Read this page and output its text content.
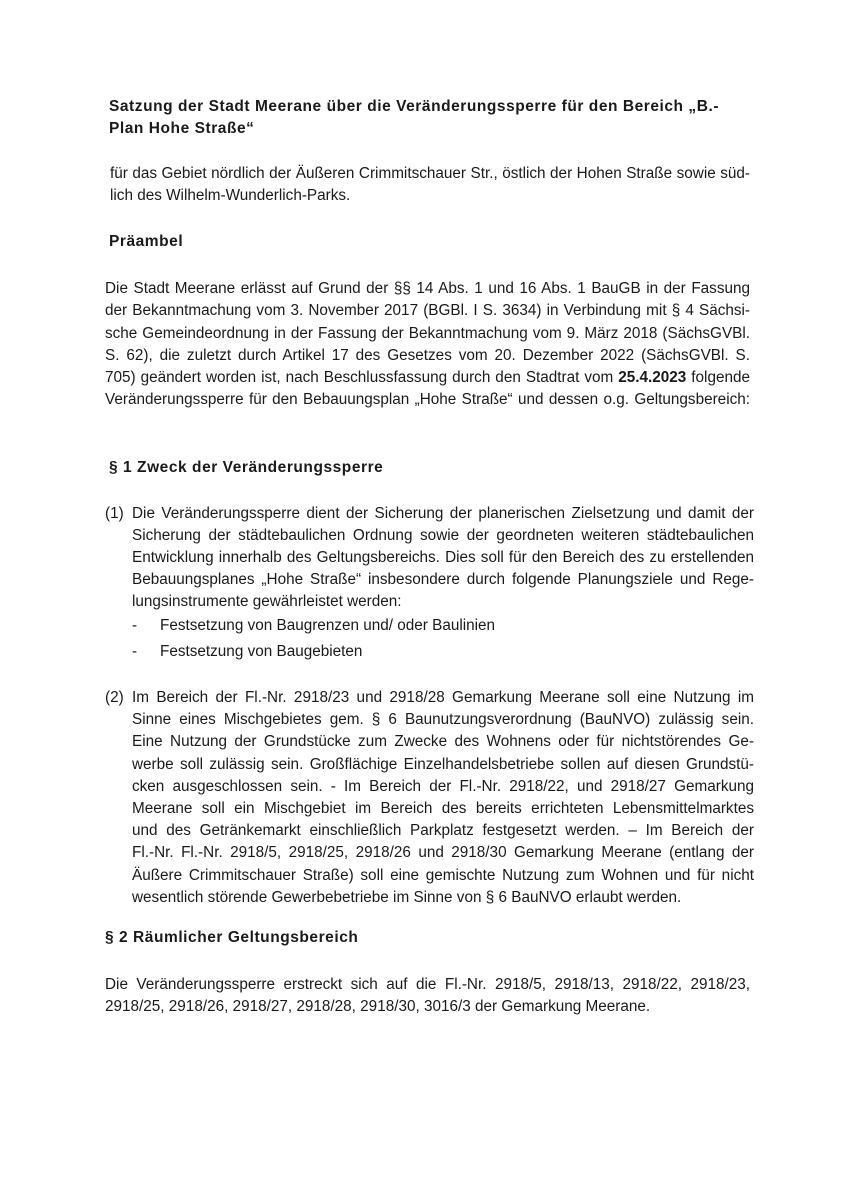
Satzung der Stadt Meerane über die Veränderungssperre für den Bereich „B.-
Plan Hohe Straße“
für das Gebiet nördlich der Äußeren Crimmitschauer Str., östlich der Hohen Straße sowie süd-
lich des Wilhelm-Wunderlich-Parks.
Präambel
Die Stadt Meerane erlässt auf Grund der §§ 14 Abs. 1 und 16 Abs. 1 BauGB in der Fassung
der Bekanntmachung vom 3. November 2017 (BGBl. I S. 3634) in Verbindung mit § 4 Sächsi-
sche Gemeindeordnung in der Fassung der Bekanntmachung vom 9. März 2018 (SächsGVBl.
S. 62), die zuletzt durch Artikel 17 des Gesetzes vom 20. Dezember 2022 (SächsGVBl. S.
705) geändert worden ist, nach Beschlussfassung durch den Stadtrat vom 25.4.2023 folgende
Veränderungssperre für den Bebauungsplan „Hohe Straße“ und dessen o.g. Geltungsbereich:
§ 1 Zweck der Veränderungssperre
(1) Die Veränderungssperre dient der Sicherung der planerischen Zielsetzung und damit der
Sicherung der städtebaulichen Ordnung sowie der geordneten weiteren städtebaulichen
Entwicklung innerhalb des Geltungsbereichs. Dies soll für den Bereich des zu erstellenden
Bebauungsplanes „Hohe Straße“ insbesondere durch folgende Planungsziele und Rege-
lungsinstrumente gewährleistet werden:
- Festsetzung von Baugrenzen und/ oder Baulinien
- Festsetzung von Baugebieten
(2) Im Bereich der Fl.-Nr. 2918/23 und 2918/28 Gemarkung Meerane soll eine Nutzung im
Sinne eines Mischgebietes gem. § 6 Baunutzungsverordnung (BauNVO) zulässig sein.
Eine Nutzung der Grundstücke zum Zwecke des Wohnens oder für nichtstörendes Ge-
werbe soll zulässig sein. Großflächige Einzelhandelsbetriebe sollen auf diesen Grundstü-
cken ausgeschlossen sein. - Im Bereich der Fl.-Nr. 2918/22, und 2918/27 Gemarkung
Meerane soll ein Mischgebiet im Bereich des bereits errichteten Lebensmittelmarktes
und des Getränkemarkt einschließlich Parkplatz festgesetzt werden. – Im Bereich der
Fl.-Nr. Fl.-Nr. 2918/5, 2918/25, 2918/26 und 2918/30 Gemarkung Meerane (entlang der
Äußere Crimmitschauer Straße) soll eine gemischte Nutzung zum Wohnen und für nicht
wesentlich störende Gewerbebetriebe im Sinne von § 6 BauNVO erlaubt werden.
§ 2 Räumlicher Geltungsbereich
Die Veränderungssperre erstreckt sich auf die Fl.-Nr. 2918/5, 2918/13, 2918/22, 2918/23,
2918/25, 2918/26, 2918/27, 2918/28, 2918/30, 3016/3 der Gemarkung Meerane.
